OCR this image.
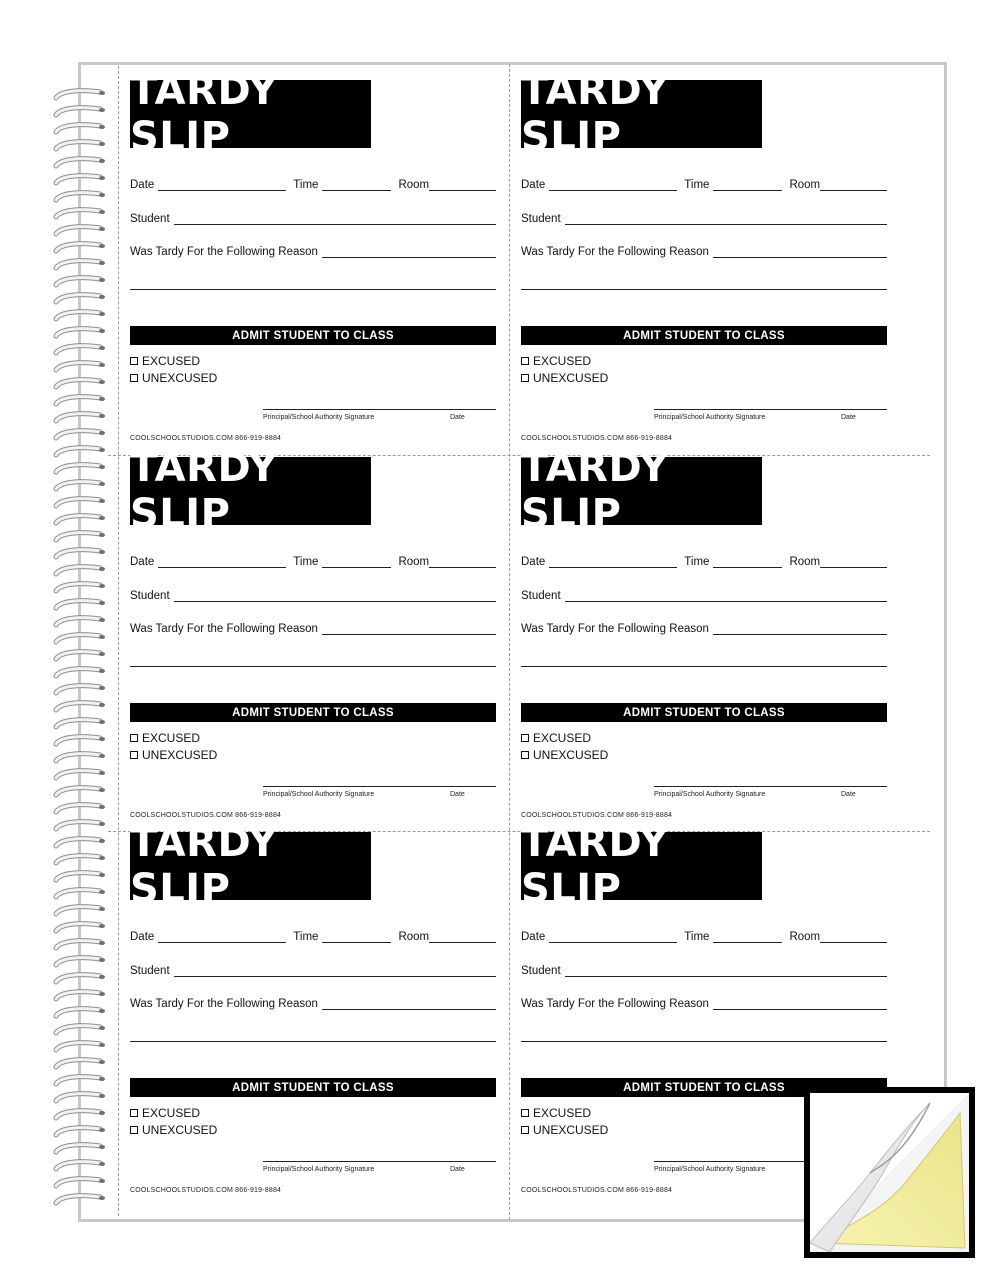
TARDY SLIP
Date	Time	Room
Student
Was Tardy For the Following Reason
ADMIT STUDENT TO CLASS
EXCUSED
UNEXCUSED
Principal/School Authority Signature	Date
COOLSCHOOLSTUDIOS.COM 866-919-8884
TARDY SLIP
Date	Time	Room
Student
Was Tardy For the Following Reason
ADMIT STUDENT TO CLASS
EXCUSED
UNEXCUSED
Principal/School Authority Signature	Date
COOLSCHOOLSTUDIOS.COM 866-919-8884
TARDY SLIP
Date	Time	Room
Student
Was Tardy For the Following Reason
ADMIT STUDENT TO CLASS
EXCUSED
UNEXCUSED
Principal/School Authority Signature	Date
COOLSCHOOLSTUDIOS.COM 866-919-8884
TARDY SLIP
Date	Time	Room
Student
Was Tardy For the Following Reason
ADMIT STUDENT TO CLASS
EXCUSED
UNEXCUSED
Principal/School Authority Signature	Date
COOLSCHOOLSTUDIOS.COM 866-919-8884
TARDY SLIP
Date	Time	Room
Student
Was Tardy For the Following Reason
ADMIT STUDENT TO CLASS
EXCUSED
UNEXCUSED
Principal/School Authority Signature	Date
COOLSCHOOLSTUDIOS.COM 866-919-8884
TARDY SLIP
Date	Time	Room
Student
Was Tardy For the Following Reason
ADMIT STUDENT TO CLASS
EXCUSED
UNEXCUSED
Principal/School Authority Signature
COOLSCHOOLSTUDIOS.COM 866-919-8884
